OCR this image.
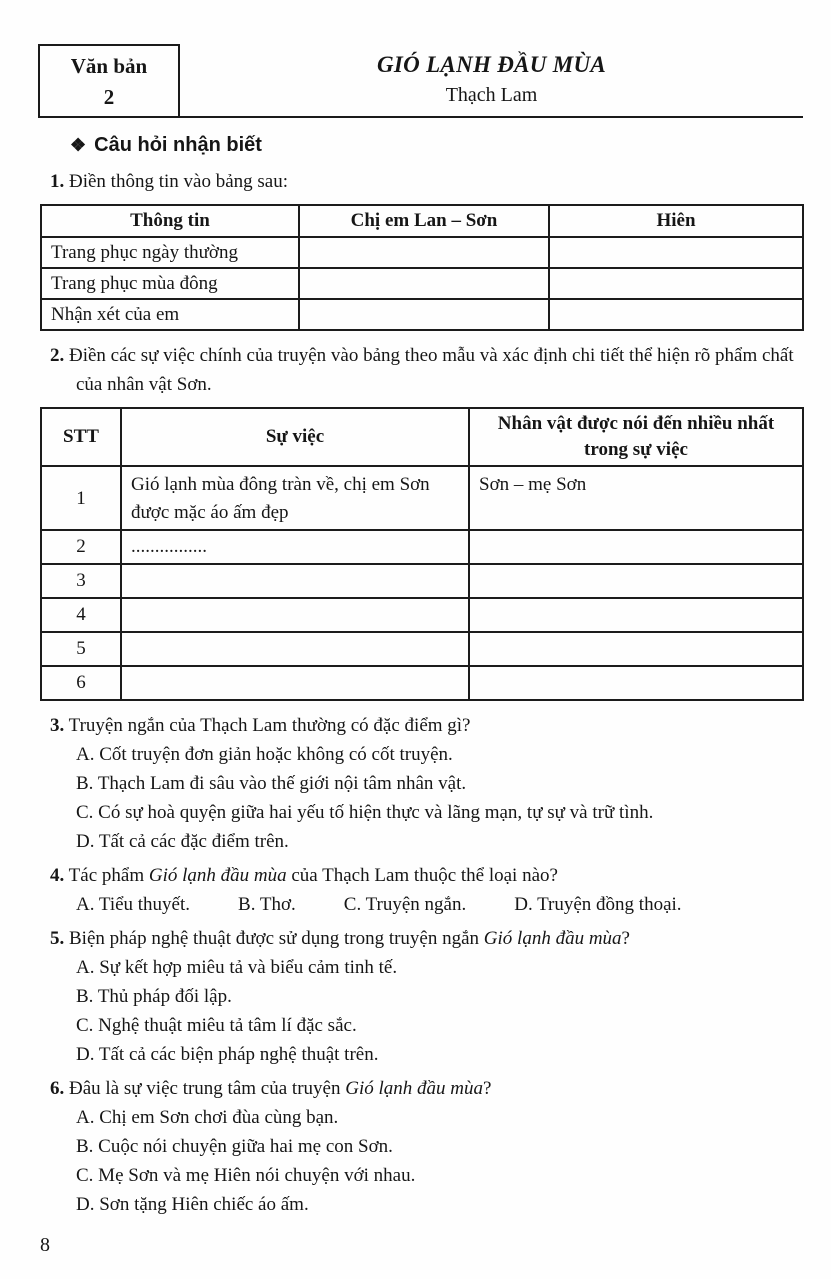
Văn bản
2
GIÓ LẠNH ĐẦU MÙA
Thạch Lam
❖ Câu hỏi nhận biết
1. Điền thông tin vào bảng sau:
Thông tin	Chị em Lan – Sơn	Hiên
Trang phục ngày thường		
Trang phục mùa đông		
Nhận xét của em		
2. Điền các sự việc chính của truyện vào bảng theo mẫu và xác định chi tiết thể hiện rõ phẩm chất của nhân vật Sơn.
STT	Sự việc	Nhân vật được nói đến nhiều nhất trong sự việc
1	Gió lạnh mùa đông tràn về, chị em Sơn được mặc áo ấm đẹp	Sơn – mẹ Sơn
2	................	
3		
4		
5		
6		
3. Truyện ngắn của Thạch Lam thường có đặc điểm gì?
A. Cốt truyện đơn giản hoặc không có cốt truyện.
B. Thạch Lam đi sâu vào thế giới nội tâm nhân vật.
C. Có sự hoà quyện giữa hai yếu tố hiện thực và lãng mạn, tự sự và trữ tình.
D. Tất cả các đặc điểm trên.
4. Tác phẩm Gió lạnh đầu mùa của Thạch Lam thuộc thể loại nào?
A. Tiểu thuyết.	B. Thơ.	C. Truyện ngắn.	D. Truyện đồng thoại.
5. Biện pháp nghệ thuật được sử dụng trong truyện ngắn Gió lạnh đầu mùa?
A. Sự kết hợp miêu tả và biểu cảm tinh tế.
B. Thủ pháp đối lập.
C. Nghệ thuật miêu tả tâm lí đặc sắc.
D. Tất cả các biện pháp nghệ thuật trên.
6. Đâu là sự việc trung tâm của truyện Gió lạnh đầu mùa?
A. Chị em Sơn chơi đùa cùng bạn.
B. Cuộc nói chuyện giữa hai mẹ con Sơn.
C. Mẹ Sơn và mẹ Hiên nói chuyện với nhau.
D. Sơn tặng Hiên chiếc áo ấm.
8
